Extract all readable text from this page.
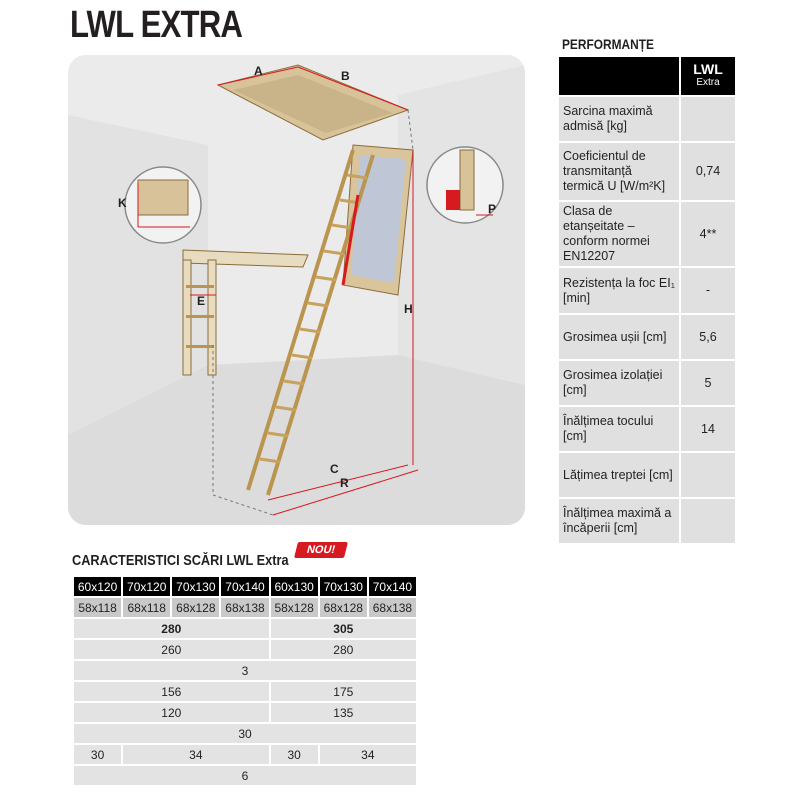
LWL EXTRA
A	B
K
E
H
C
R
P
PERFORMANȚE
	LWL
Extra

Sarcina maximă admisă [kg]	
Coeficientul de transmitanță termică U [W/m²K]	0,74
Clasa de etanșeitate – conform normei EN12207	4**
Rezistența la foc EI₁ [min]	-
Grosimea ușii [cm]	5,6
Grosimea izolației [cm]	5
Înălțimea tocului [cm]	14
Lățimea treptei [cm]	
Înălțimea maximă a încăperii [cm]	
CARACTERISTICI SCĂRI LWL Extra
NOU!
60x120	70x120	70x130	70x140	60x130	70x130	70x140
58x118	68x118	68x128	68x138	58x128	68x128	68x138
280				305		
260				280		
3						
156				175		
120				135		
30						
30	34			30	34	
6						
